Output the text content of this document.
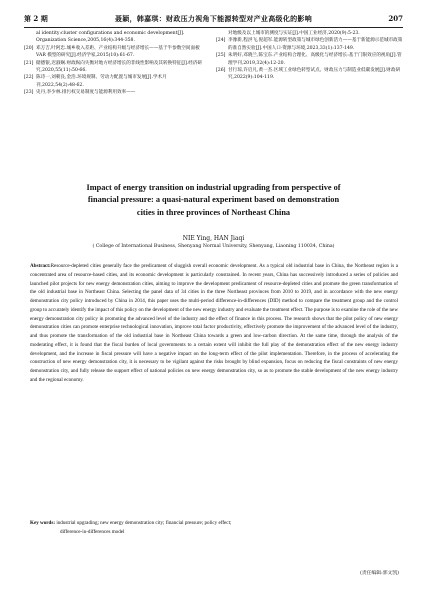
第 2 期	聂颖，韩嘉琪：财政压力视角下能源转型对产业高级化的影响	207
al identity:cluster configurations and economic development[J]. Organization Science,2005,16(4):344-358.
[20] 邓万吉,叶阿忠.城乡收入差距、产业结构升级与经济增长——基于半参数空间面板 VAR 模型的研究[J].经济学家,2015(10):61-67.
[21] 储德银,迟淑娴.财政纵向失衡对地方经济增长的非线性影响及其转换特征[J].经济研究,2020,55(11):50-66.
[22] 陈诗一,刘朝良,金浩.环境规制、劳动力配置与城市发展[J].学术月刊,2022,54(2):48-62.
[23] 史丹,李少林.排污权交易制度与能源利用效率——
对地级及以上城市的测度与实证[J].中国工业经济,2020(9):5-23.
[24] 李豫新,程洪飞,倪超军.能源转型政策与城市绿色创新活力——基于新能源示范城市政策的准自然实验[J].中国人口·资源与环境,2023,33(1):137-149.
[25] 朱明好,邓晓兰,陈宝东.产业结构合理化、高级化与经济增长:基于门限效应的视角[J].管理学刊,2019,32(4):12-20.
[26] 甘行琼,许启凡,黄一杰.区域工业绿色转型试点、财政压力与制造业低碳发展[J].财政研究,2022(9):104-119.
Impact of energy transition on industrial upgrading from perspective of
financial pressure: a quasi-natural experiment based on demonstration
cities in three provinces of Northeast China
NIE Ying, HAN Jiaqi
( College of International Business, Shenyang Normal University, Shenyang, Liaoning 110034, China)
Abstract:Resource-depleted cities generally face the predicament of sluggish overall economic development. As a typical old industrial base in China, the Northeast region is a concentrated area of resource-based cities, and its economic development is particularly constrained. In recent years, China has successively introduced a series of policies and launched pilot projects for new energy demonstration cities, aiming to improve the development predicament of resource-depleted cities and promote the green transformation of the old industrial base in Northeast China. Selecting the panel data of 34 cities in the three Northeast provinces from 2010 to 2019, and in accordance with the new energy demonstration city policy introduced by China in 2014, this paper uses the multi-period difference-in-differences (DID) method to compare the treatment group and the control group to accurately identify the impact of this policy on the development of the new energy industry and evaluate the treatment effect. The purpose is to examine the role of the new energy demonstration city policy in promoting the advanced level of the industry and the effect of finance in this process. The research shows that the pilot policy of new energy demonstration cities can promote enterprise technological innovation, improve total factor productivity, effectively promote the improvement of the advanced level of the industry, and thus promote the transformation of the old industrial base in Northeast China towards a green and low-carbon direction. At the same time, through the analysis of the moderating effect, it is found that the fiscal burden of local governments to a certain extent will inhibit the full play of the demonstration effect of the new energy industry development, and the increase in fiscal pressure will have a negative impact on the long-term effect of the pilot implementation. Therefore, in the process of accelerating the construction of new energy demonstration city, it is necessary to be vigilant against the risks brought by blind expansion, focus on reducing the fiscal constraints of new energy demonstration city, and fully release the support effect of national policies on new energy demonstration city, so as to promote the stable development of the new energy industry and the regional economy.
Key words: industrial upgrading; new energy demonstration city; financial pressure; policy effect;
difference-in-differences model
(责任编辑:郭文凯)
